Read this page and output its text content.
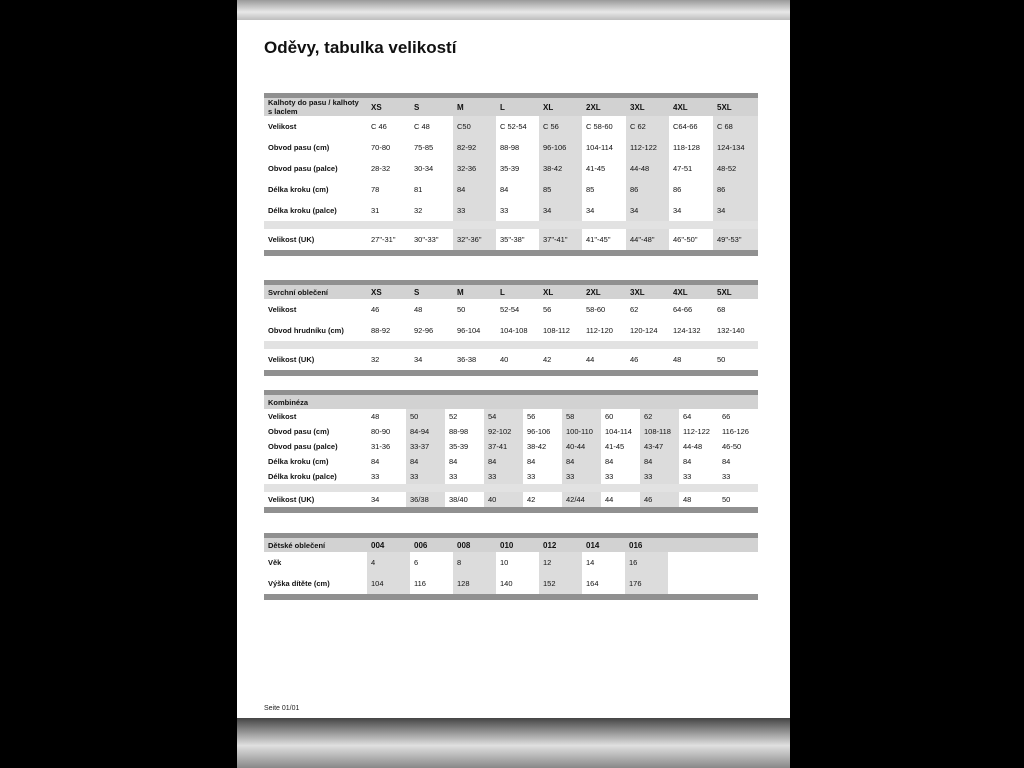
Oděvy, tabulka velikostí

Kalhoty do pasu / kalhoty s laclem	XS	S	M	L	XL	2XL	3XL	4XL	5XL
Velikost	C 46	C 48	C50	C 52-54	C 56	C 58-60	C 62	C64-66	C 68
Obvod pasu (cm)	70-80	75-85	82-92	88-98	96-106	104-114	112-122	118-128	124-134
Obvod pasu (palce)	28-32	30-34	32-36	35-39	38-42	41-45	44-48	47-51	48-52
Délka kroku (cm)	78	81	84	84	85	85	86	86	86
Délka kroku (palce)	31	32	33	33	34	34	34	34	34

Velikost (UK)	27"-31"	30"-33"	32"-36"	35"-38"	37"-41"	41"-45"	44"-48"	46"-50"	49"-53"

Svrchní oblečení	XS	S	M	L	XL	2XL	3XL	4XL	5XL
Velikost	46	48	50	52-54	56	58-60	62	64-66	68
Obvod hrudníku (cm)	88-92	92-96	96-104	104-108	108-112	112-120	120-124	124-132	132-140

Velikost (UK)	32	34	36-38	40	42	44	46	48	50

Kombinéza										
Velikost	48	50	52	54	56	58	60	62	64	66
Obvod pasu (cm)	80-90	84-94	88-98	92-102	96-106	100-110	104-114	108-118	112-122	116-126
Obvod pasu (palce)	31-36	33-37	35-39	37-41	38-42	40-44	41-45	43-47	44-48	46-50
Délka kroku (cm)	84	84	84	84	84	84	84	84	84	84
Délka kroku (palce)	33	33	33	33	33	33	33	33	33	33

Velikost (UK)	34	36/38	38/40	40	42	42/44	44	46	48	50

Dětské oblečení	004	006	008	010	012	014	016		
Věk	4	6	8	10	12	14	16		
Výška dítěte (cm)	104	116	128	140	152	164	176		

Seite 01/01
